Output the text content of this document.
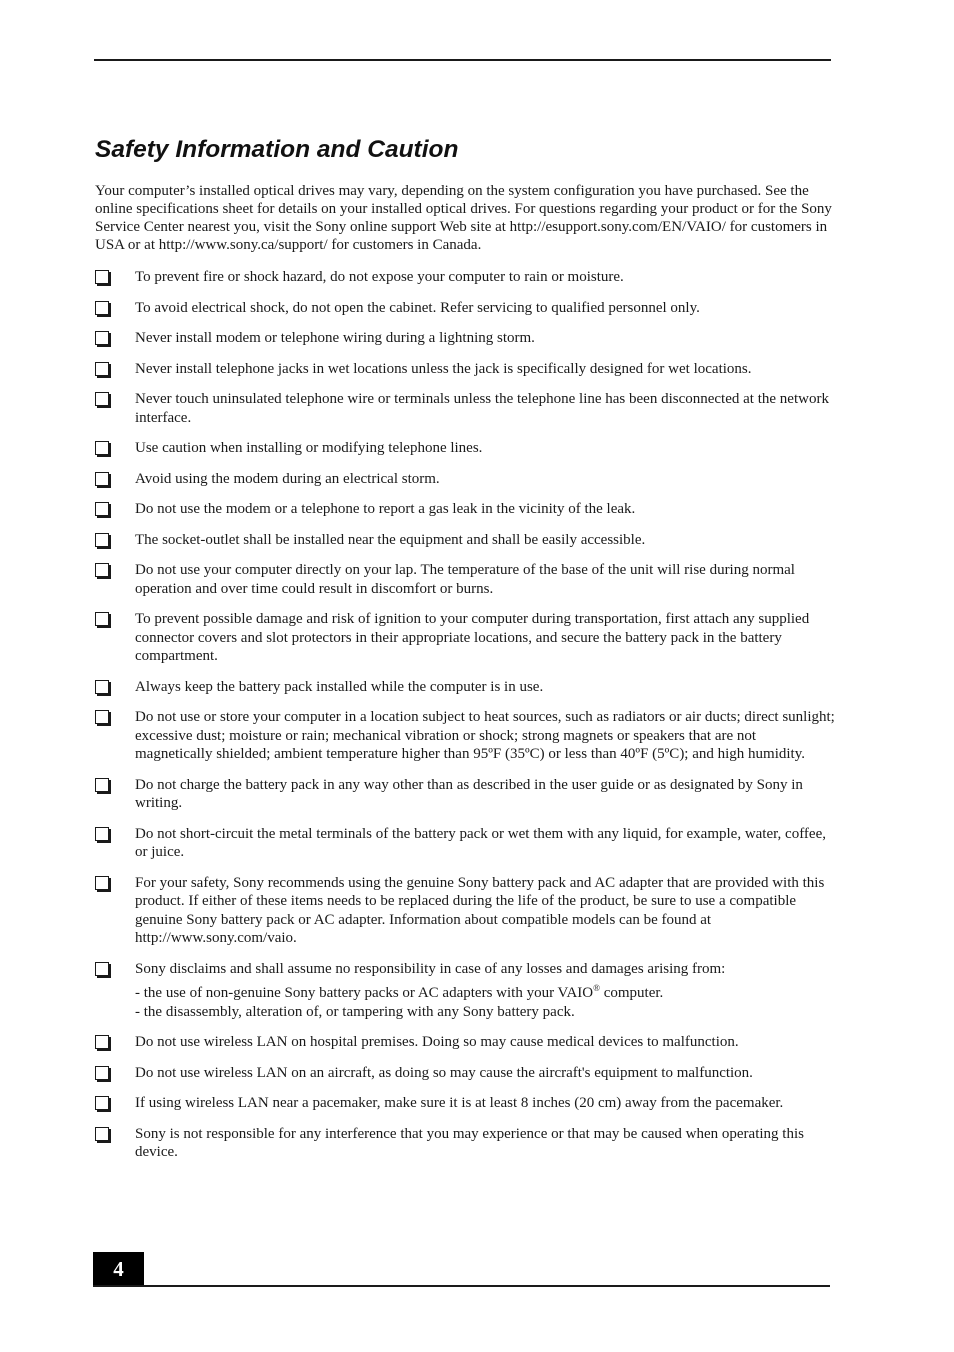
Safety Information and Caution

Your computer’s installed optical drives may vary, depending on the system configuration you have purchased. See the online specifications sheet for details on your installed optical drives. For questions regarding your product or for the Sony Service Center nearest you, visit the Sony online support Web site at http://esupport.sony.com/EN/VAIO/ for customers in USA or at http://www.sony.ca/support/ for customers in Canada.

To prevent fire or shock hazard, do not expose your computer to rain or moisture.
To avoid electrical shock, do not open the cabinet. Refer servicing to qualified personnel only.
Never install modem or telephone wiring during a lightning storm.
Never install telephone jacks in wet locations unless the jack is specifically designed for wet locations.
Never touch uninsulated telephone wire or terminals unless the telephone line has been disconnected at the network interface.
Use caution when installing or modifying telephone lines.
Avoid using the modem during an electrical storm.
Do not use the modem or a telephone to report a gas leak in the vicinity of the leak.
The socket-outlet shall be installed near the equipment and shall be easily accessible.
Do not use your computer directly on your lap. The temperature of the base of the unit will rise during normal operation and over time could result in discomfort or burns.
To prevent possible damage and risk of ignition to your computer during transportation, first attach any supplied connector covers and slot protectors in their appropriate locations, and secure the battery pack in the battery compartment.
Always keep the battery pack installed while the computer is in use.
Do not use or store your computer in a location subject to heat sources, such as radiators or air ducts; direct sunlight; excessive dust; moisture or rain; mechanical vibration or shock; strong magnets or speakers that are not magnetically shielded; ambient temperature higher than 95ºF (35ºC) or less than 40ºF (5ºC); and high humidity.
Do not charge the battery pack in any way other than as described in the user guide or as designated by Sony in writing.
Do not short-circuit the metal terminals of the battery pack or wet them with any liquid, for example, water, coffee, or juice.
For your safety, Sony recommends using the genuine Sony battery pack and AC adapter that are provided with this product. If either of these items needs to be replaced during the life of the product, be sure to use a compatible genuine Sony battery pack or AC adapter. Information about compatible models can be found at http://www.sony.com/vaio.
Sony disclaims and shall assume no responsibility in case of any losses and damages arising from:
- the use of non-genuine Sony battery packs or AC adapters with your VAIO® computer.
- the disassembly, alteration of, or tampering with any Sony battery pack.
Do not use wireless LAN on hospital premises. Doing so may cause medical devices to malfunction.
Do not use wireless LAN on an aircraft, as doing so may cause the aircraft's equipment to malfunction.
If using wireless LAN near a pacemaker, make sure it is at least 8 inches (20 cm) away from the pacemaker.
Sony is not responsible for any interference that you may experience or that may be caused when operating this device.
4
